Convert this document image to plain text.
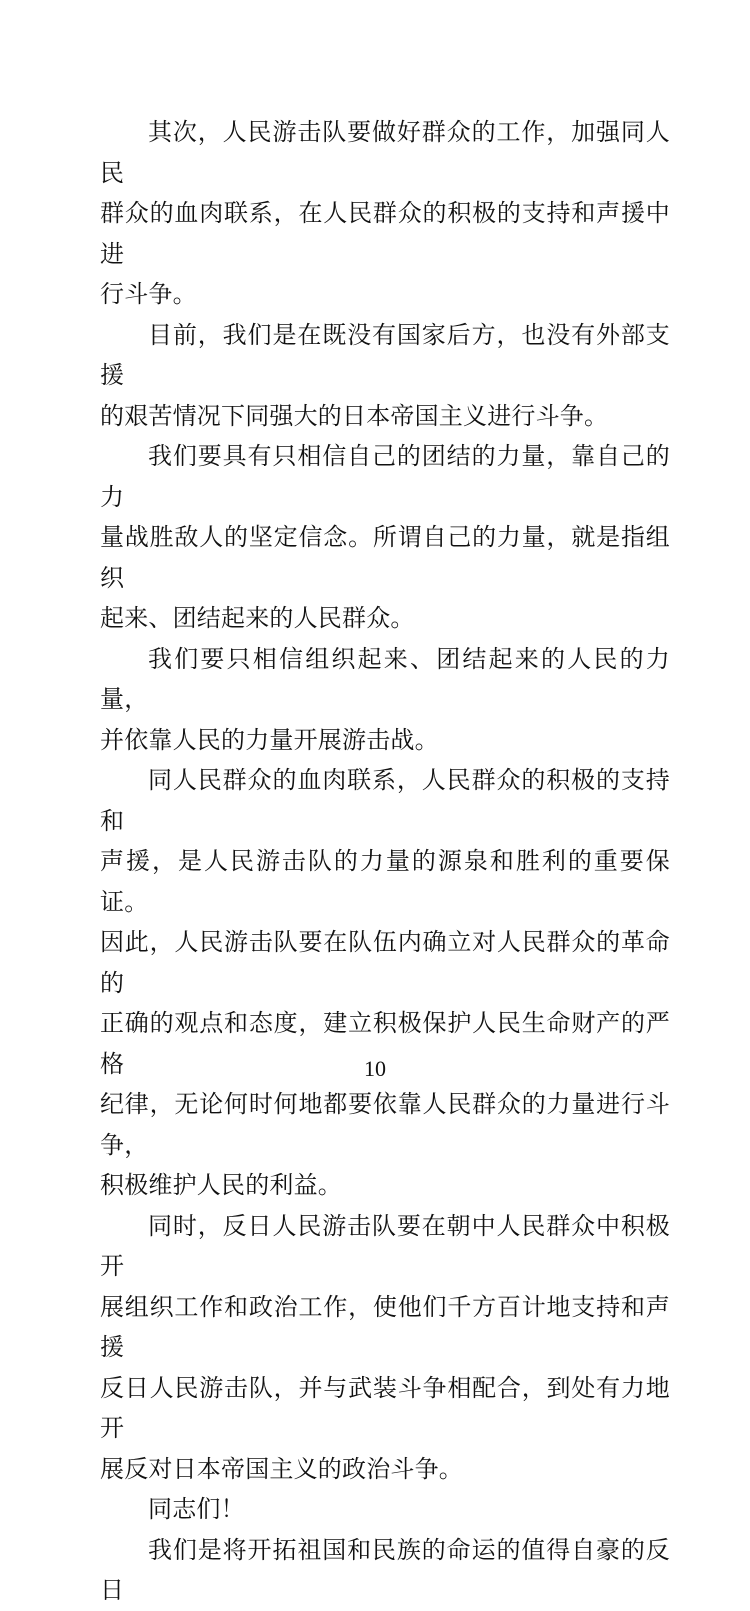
其次，人民游击队要做好群众的工作，加强同人民

群众的血肉联系，在人民群众的积极的支持和声援中进

行斗争。

目前，我们是在既没有国家后方，也没有外部支援

的艰苦情况下同强大的日本帝国主义进行斗争。

我们要具有只相信自己的团结的力量，靠自己的力

量战胜敌人的坚定信念。所谓自己的力量，就是指组织

起来、团结起来的人民群众。

我们要只相信组织起来、团结起来的人民的力量，

并依靠人民的力量开展游击战。

同人民群众的血肉联系，人民群众的积极的支持和

声援，是人民游击队的力量的源泉和胜利的重要保证。

因此，人民游击队要在队伍内确立对人民群众的革命的

正确的观点和态度，建立积极保护人民生命财产的严格

纪律，无论何时何地都要依靠人民群众的力量进行斗争，

积极维护人民的利益。

同时，反日人民游击队要在朝中人民群众中积极开

展组织工作和政治工作，使他们千方百计地支持和声援

反日人民游击队，并与武装斗争相配合，到处有力地开

展反对日本帝国主义的政治斗争。

同志们！

我们是将开拓祖国和民族的命运的值得自豪的反日

10
